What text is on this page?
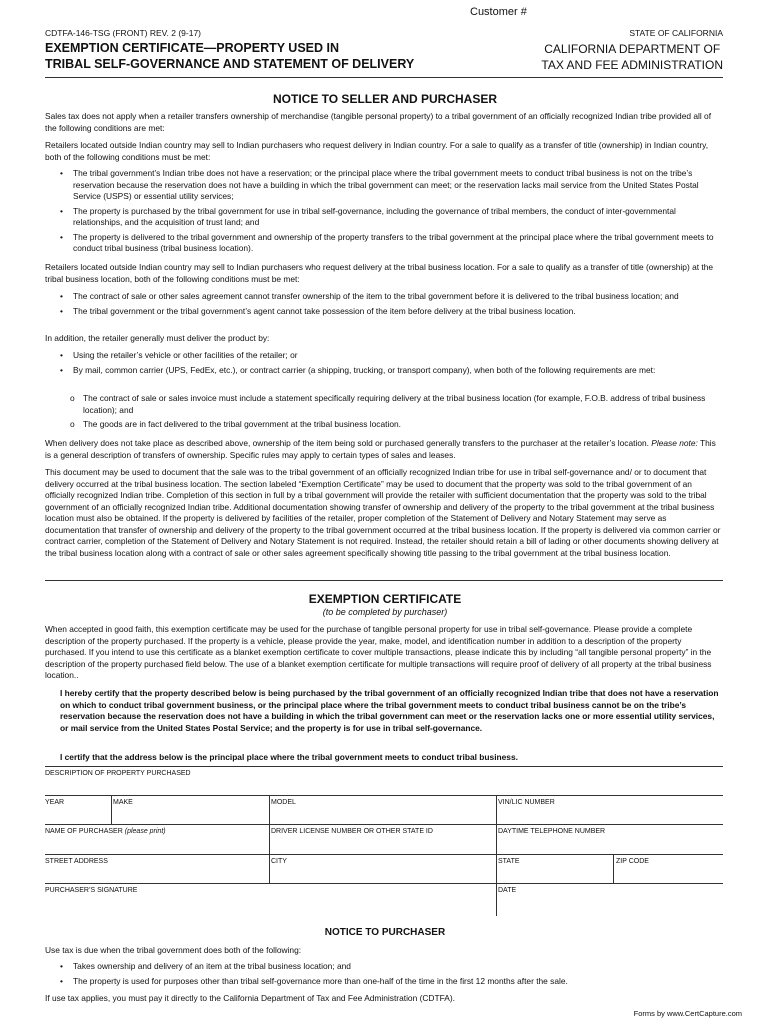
Customer #
CDTFA-146-TSG (FRONT) REV. 2 (9-17)	STATE OF CALIFORNIA
EXEMPTION CERTIFICATE—PROPERTY USED IN
TRIBAL SELF-GOVERNANCE AND STATEMENT OF DELIVERY
CALIFORNIA DEPARTMENT OF
TAX AND FEE ADMINISTRATION
NOTICE TO SELLER AND PURCHASER

Sales tax does not apply when a retailer transfers ownership of merchandise (tangible personal property) to a tribal government of an officially recognized Indian tribe provided all of the following conditions are met:

Retailers located outside Indian country may sell to Indian purchasers who request delivery in Indian country. For a sale to qualify as a transfer of title (ownership) in Indian country, both of the following conditions must be met:

• The tribal government’s Indian tribe does not have a reservation; or the principal place where the tribal government meets to conduct tribal business is not on the tribe’s reservation because the reservation does not have a building in which the tribal government can meet; or the reservation lacks mail service from the United States Postal Service (USPS) or essential utility services;
• The property is purchased by the tribal government for use in tribal self-governance, including the governance of tribal members, the conduct of inter-governmental relationships, and the acquisition of trust land; and
• The property is delivered to the tribal government and ownership of the property transfers to the tribal government at the principal place where the tribal government meets to conduct tribal business (tribal business location).

Retailers located outside Indian country may sell to Indian purchasers who request delivery at the tribal business location. For a sale to qualify as a transfer of title (ownership) at the tribal business location, both of the following conditions must be met:

• The contract of sale or other sales agreement cannot transfer ownership of the item to the tribal government before it is delivered to the tribal business location; and
• The tribal government or the tribal government’s agent cannot take possession of the item before delivery at the tribal business location.

In addition, the retailer generally must deliver the product by:

• Using the retailer’s vehicle or other facilities of the retailer; or
• By mail, common carrier (UPS, FedEx, etc.), or contract carrier (a shipping, trucking, or transport company), when both of the following requirements are met:
o The contract of sale or sales invoice must include a statement specifically requiring delivery at the tribal business location (for example, F.O.B. address of tribal business location); and
o The goods are in fact delivered to the tribal government at the tribal business location.

When delivery does not take place as described above, ownership of the item being sold or purchased generally transfers to the purchaser at the retailer’s location. Please note: This is a general description of transfers of ownership. Specific rules may apply to certain types of sales and leases.

This document may be used to document that the sale was to the tribal government of an officially recognized Indian tribe for use in tribal self-governance and/ or to document that delivery occurred at the tribal business location. The section labeled “Exemption Certificate” may be used to document that the property was sold to the tribal government of an officially recognized Indian tribe. Completion of this section in full by a tribal government will provide the retailer with sufficient documentation that the property was sold to the tribal government of an officially recognized Indian tribe. Additional documentation showing transfer of ownership and delivery of the property to the tribal government at the tribal business location must also be obtained. If the property is delivered by facilities of the retailer, proper completion of the Statement of Delivery and Notary Statement may serve as documentation that transfer of ownership and delivery of the property to the tribal government occurred at the tribal business location. If the property is delivered via common carrier or contract carrier, completion of the Statement of Delivery and Notary Statement is not required. Instead, the retailer should retain a bill of lading or other documents showing delivery at the tribal business location along with a contract of sale or other sales agreement specifically showing title passing to the tribal government at the tribal business location.

EXEMPTION CERTIFICATE
(to be completed by purchaser)

When accepted in good faith, this exemption certificate may be used for the purchase of tangible personal property for use in tribal self-governance. Please provide a complete description of the property purchased. If the property is a vehicle, please provide the year, make, model, and identification number in addition to a description of the property purchased. If you intend to use this certificate as a blanket exemption certificate to cover multiple transactions, please indicate this by including “all tangible personal property” in the description of the property purchased field below. The use of a blanket exemption certificate for multiple transactions will require proof of delivery of all property at the tribal business location..

I hereby certify that the property described below is being purchased by the tribal government of an officially recognized Indian tribe that does not have a reservation on which to conduct tribal government business, or the principal place where the tribal government meets to conduct tribal business cannot be on the tribe’s reservation because the reservation does not have a building in which the tribal government can meet or the reservation lacks one or more essential utility services, or mail service from the United States Postal Service; and the property is for use in tribal self-governance.

I certify that the address below is the principal place where the tribal government meets to conduct tribal business.

DESCRIPTION OF PROPERTY PURCHASED
YEAR	MAKE	MODEL	VIN/LIC NUMBER
NAME OF PURCHASER (please print)	DRIVER LICENSE NUMBER OR OTHER STATE ID	DAYTIME TELEPHONE NUMBER
STREET ADDRESS	CITY	STATE	ZIP CODE
PURCHASER’S SIGNATURE	DATE
NOTICE TO PURCHASER

Use tax is due when the tribal government does both of the following:

• Takes ownership and delivery of an item at the tribal business location; and
• The property is used for purposes other than tribal self-governance more than one-half of the time in the first 12 months after the sale.

If use tax applies, you must pay it directly to the California Department of Tax and Fee Administration (CDTFA).

Forms by www.CertCapture.com
